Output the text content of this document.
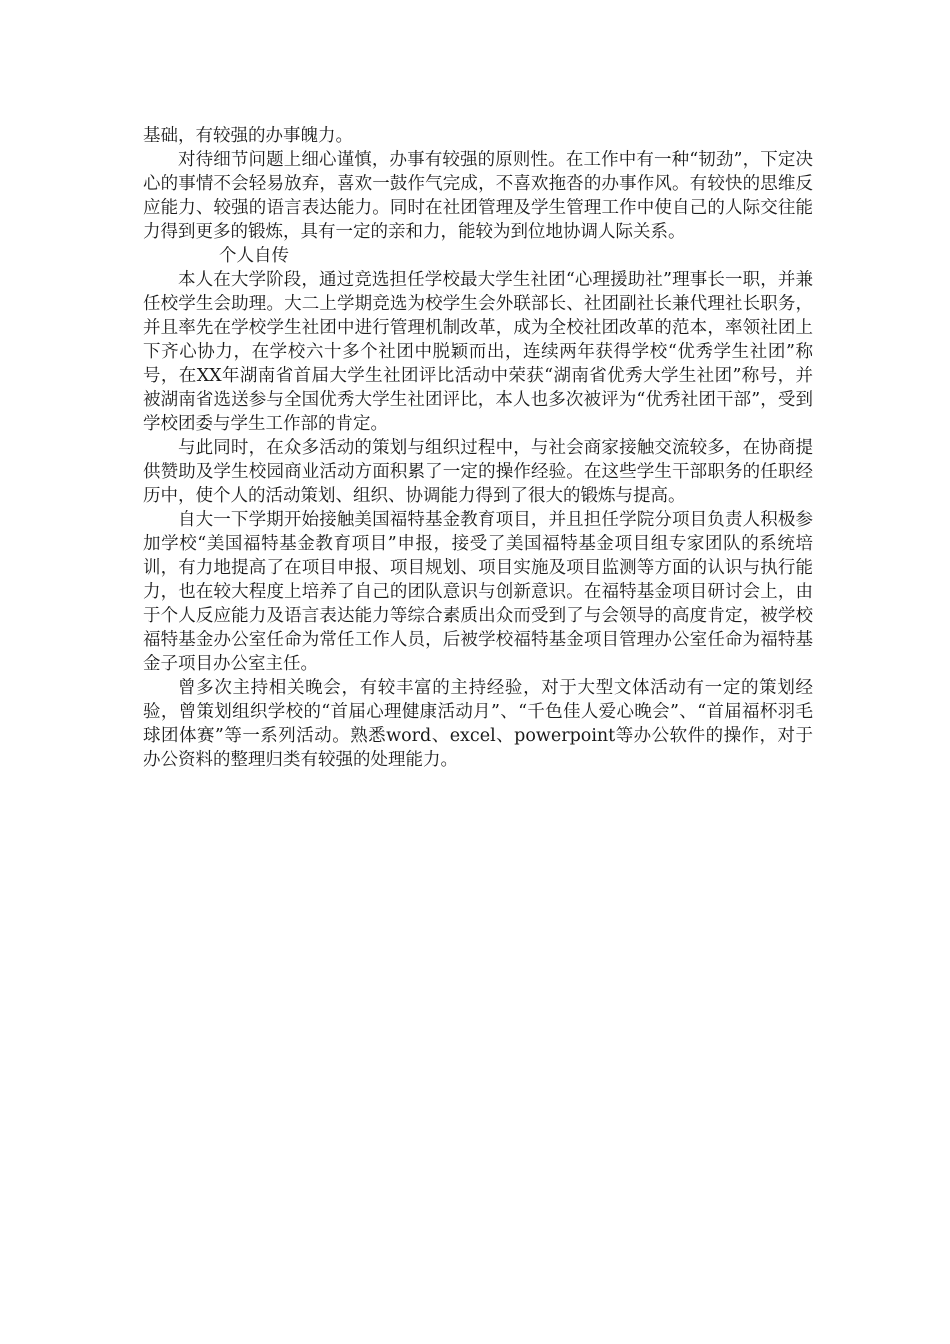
基础，有较强的办事魄力。

对待细节问题上细心谨慎，办事有较强的原则性。在工作中有一种“韧劲”，下定决心的事情不会轻易放弃，喜欢一鼓作气完成，不喜欢拖沓的办事作风。有较快的思维反应能力、较强的语言表达能力。同时在社团管理及学生管理工作中使自己的人际交往能力得到更多的锻炼，具有一定的亲和力，能较为到位地协调人际关系。

个人自传

本人在大学阶段，通过竞选担任学校最大学生社团“心理援助社”理事长一职，并兼任校学生会助理。大二上学期竞选为校学生会外联部长、社团副社长兼代理社长职务，并且率先在学校学生社团中进行管理机制改革，成为全校社团改革的范本，率领社团上下齐心协力，在学校六十多个社团中脱颖而出，连续两年获得学校“优秀学生社团”称号，在XX年湖南省首届大学生社团评比活动中荣获“湖南省优秀大学生社团”称号，并被湖南省选送参与全国优秀大学生社团评比，本人也多次被评为“优秀社团干部”，受到学校团委与学生工作部的肯定。

与此同时，在众多活动的策划与组织过程中，与社会商家接触交流较多，在协商提供赞助及学生校园商业活动方面积累了一定的操作经验。在这些学生干部职务的任职经历中，使个人的活动策划、组织、协调能力得到了很大的锻炼与提高。

自大一下学期开始接触美国福特基金教育项目，并且担任学院分项目负责人积极参加学校“美国福特基金教育项目”申报，接受了美国福特基金项目组专家团队的系统培训，有力地提高了在项目申报、项目规划、项目实施及项目监测等方面的认识与执行能力，也在较大程度上培养了自己的团队意识与创新意识。在福特基金项目研讨会上，由于个人反应能力及语言表达能力等综合素质出众而受到了与会领导的高度肯定，被学校福特基金办公室任命为常任工作人员，后被学校福特基金项目管理办公室任命为福特基金子项目办公室主任。

曾多次主持相关晚会，有较丰富的主持经验，对于大型文体活动有一定的策划经验，曾策划组织学校的“首届心理健康活动月”、“千色佳人爱心晚会”、“首届福杯羽毛球团体赛”等一系列活动。熟悉word、excel、powerpoint等办公软件的操作，对于办公资料的整理归类有较强的处理能力。
